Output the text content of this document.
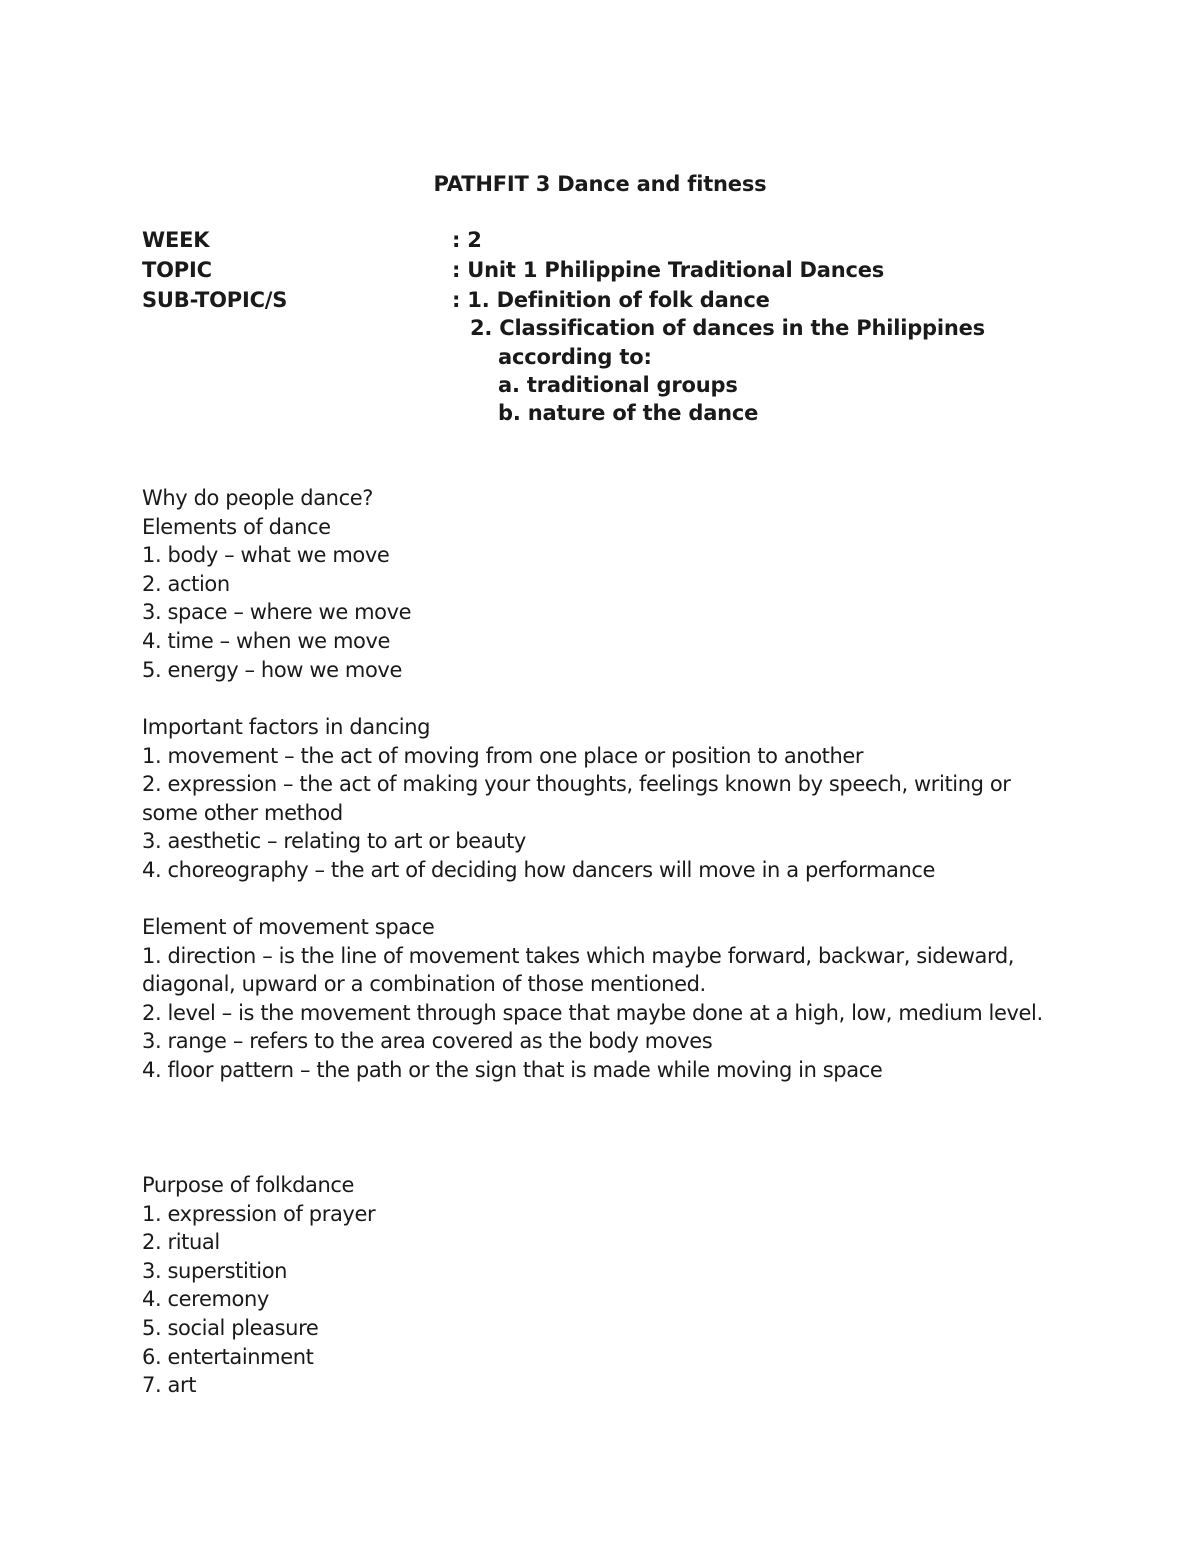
PATHFIT 3 Dance and fitness
WEEK	: 2
TOPIC	: Unit 1 Philippine Traditional Dances
SUB-TOPIC/S	: 1. Definition of folk dance
2. Classification of dances in the Philippines
according to:
a. traditional groups
b. nature of the dance
Why do people dance?
Elements of dance
1. body – what we move
2. action
3. space – where we move
4. time – when we move
5. energy – how we move
Important factors in dancing
1. movement – the act of moving from one place or position to another
2. expression – the act of making your thoughts, feelings known by speech, writing or some other method
3. aesthetic – relating to art or beauty
4. choreography – the art of deciding how dancers will move in a performance
Element of movement space
1. direction – is the line of movement takes which maybe forward, backwar, sideward, diagonal, upward or a combination of those mentioned.
2. level – is the movement through space that maybe done at a high, low, medium level.
3. range – refers to the area covered as the body moves
4. floor pattern – the path or the sign that is made while moving in space
Purpose of folkdance
1. expression of prayer
2. ritual
3. superstition
4. ceremony
5. social pleasure
6. entertainment
7. art
